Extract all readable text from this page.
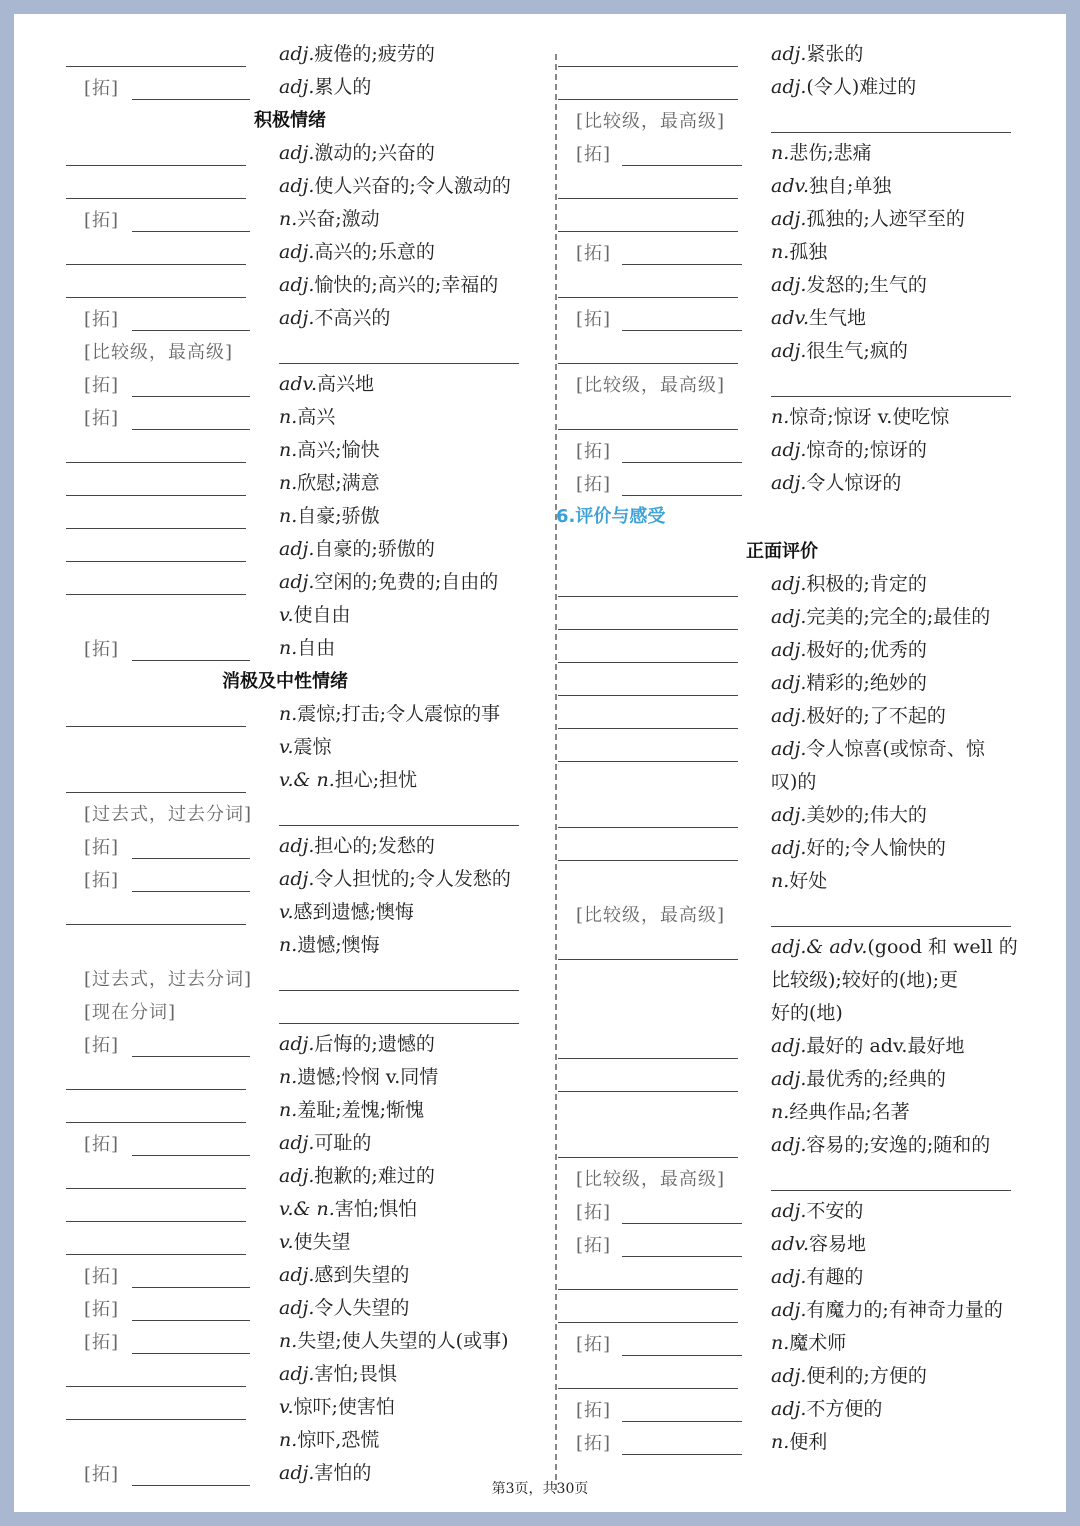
adj.疲倦的;疲劳的
[拓]	adj.累人的
积极情绪
adj.激动的;兴奋的
adj.使人兴奋的;令人激动的
[拓]	n.兴奋;激动
adj.高兴的;乐意的
adj.愉快的;高兴的;幸福的
[拓]	adj.不高兴的
[比较级，最高级]
[拓]	adv.高兴地
[拓]	n.高兴
n.高兴;愉快
n.欣慰;满意
n.自豪;骄傲
adj.自豪的;骄傲的
adj.空闲的;免费的;自由的
v.使自由
[拓]	n.自由
消极及中性情绪
n.震惊;打击;令人震惊的事
v.震惊
v.& n.担心;担忧
[过去式，过去分词]
[拓]	adj.担心的;发愁的
[拓]	adj.令人担忧的;令人发愁的
v.感到遗憾;懊悔
n.遗憾;懊悔
[过去式，过去分词]
[现在分词]
[拓]	adj.后悔的;遗憾的
n.遗憾;怜悯 v.同情
n.羞耻;羞愧;惭愧
[拓]	adj.可耻的
adj.抱歉的;难过的
v.& n.害怕;惧怕
v.使失望
[拓]	adj.感到失望的
[拓]	adj.令人失望的
[拓]	n.失望;使人失望的人(或事)
adj.害怕;畏惧
v.惊吓;使害怕
n.惊吓,恐慌
[拓]	adj.害怕的
adj.紧张的
adj.(令人)难过的
[比较级，最高级]
[拓]	n.悲伤;悲痛
adv.独自;单独
adj.孤独的;人迹罕至的
[拓]	n.孤独
adj.发怒的;生气的
[拓]	adv.生气地
adj.很生气;疯的
[比较级，最高级]
n.惊奇;惊讶 v.使吃惊
[拓]	adj.惊奇的;惊讶的
[拓]	adj.令人惊讶的
6.评价与感受
正面评价
adj.积极的;肯定的
adj.完美的;完全的;最佳的
adj.极好的;优秀的
adj.精彩的;绝妙的
adj.极好的;了不起的
adj.令人惊喜(或惊奇、惊
叹)的
adj.美妙的;伟大的
adj.好的;令人愉快的
n.好处
[比较级，最高级]
adj.& adv.(good 和 well 的
比较级);较好的(地);更
好的(地)
adj.最好的 adv.最好地
adj.最优秀的;经典的
n.经典作品;名著
adj.容易的;安逸的;随和的
[比较级，最高级]
[拓]	adj.不安的
[拓]	adv.容易地
adj.有趣的
adj.有魔力的;有神奇力量的
[拓]	n.魔术师
adj.便利的;方便的
[拓]	adj.不方便的
[拓]	n.便利
第3页，共30页
